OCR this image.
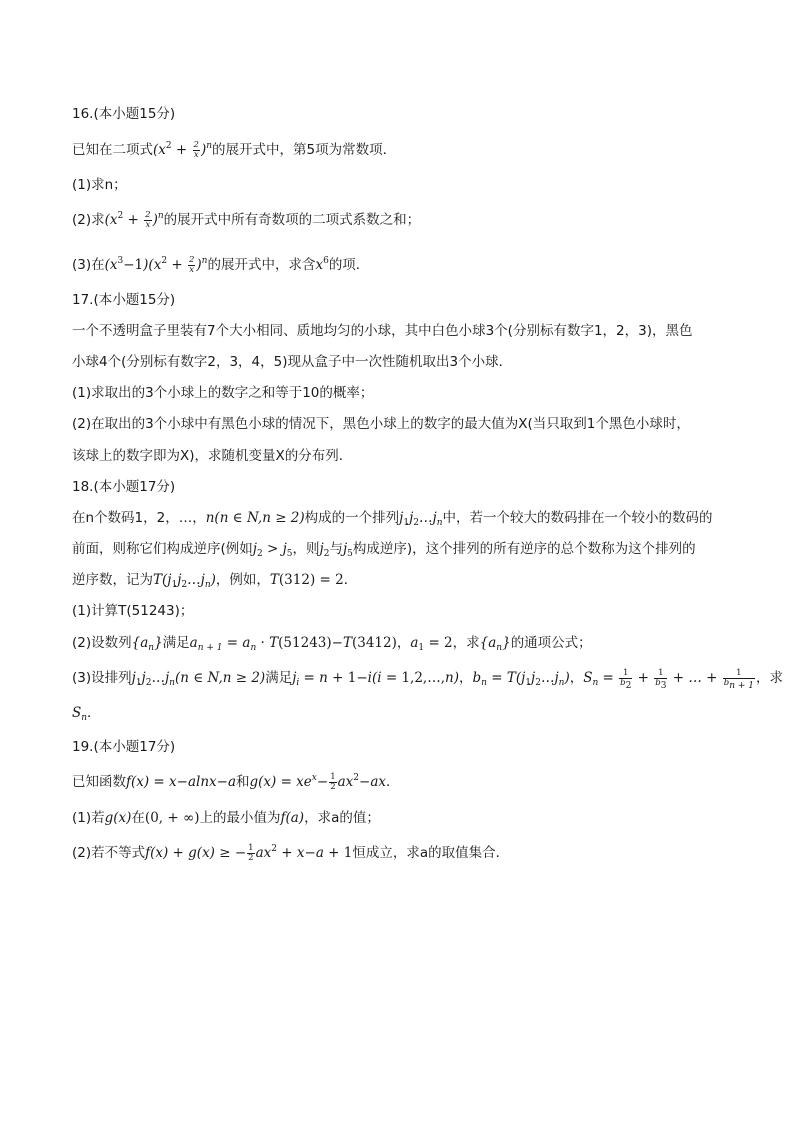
16.(本小题15分)
已知在二项式$(x^2 + \frac{2}{x} )^n$的展开式中，第5项为常数项．
(1)求n；
(2)求$(x^2 + \frac{2}{x} )^n$的展开式中所有奇数项的二项式系数之和；
(3)在$(x^3-1)(x^2 + \frac{2}{x} )^n$的展开式中，求含$x^6$的项．
17.(本小题15分)
一个不透明盒子里装有7个大小相同、质地均匀的小球，其中白色小球3个(分别标有数字1，2，3)，黑色
小球4个(分别标有数字2，3，4，5)现从盒子中一次性随机取出3个小球．
(1)求取出的3个小球上的数字之和等于10的概率；
(2)在取出的3个小球中有黑色小球的情况下，黑色小球上的数字的最大值为X(当只取到1个黑色小球时，
该球上的数字即为X)，求随机变量X的分布列．
18.(本小题17分)
在n个数码1，2，…，n(n ∈ N,n ≥ 2)构成的一个排列$j_1j_2\dots j_n$中，若一个较大的数码排在一个较小的数码的
前面，则称它们构成逆序(例如$j_2 > j_5$，则$j_2$与$j_5$构成逆序)，这个排列的所有逆序的总个数称为这个排列的
逆序数，记为$T(j_1j_2\dots j_n)$，例如，T(312) = 2．
(1)计算T(51243)；
(2)设数列$\{a_n\}$满足$a_{n + 1} = a_n \cdot T(51243)-T(3412)$，$a_1 = 2$，求$\{a_n\}$的通项公式；
(3)设排列$j_1j_2\dots j_n(n$ ∈ N,n ≥ 2)满足$j_i = n + 1-i(i$ = 1,2,…,n)，$b_n$ = $T(j_1j_2\dots j_n)$，$S_n = \frac{1}{b_2} + \frac{1}{b_3}$ + … + $\frac{1}{b_{n + 1}}$ ，求
$S_n$．
19.(本小题17分)
已知函数f(x) = x−alnx−a和$g(x) = xe^x- \frac{1}{2} ax^2-ax$．
(1)若g(x)在(0, + ∞)上的最小值为f(a)，求a的值；
(2)若不等式f(x) + g(x) ≥ − $\frac{1}{2} ax^2 + x-a + 1$恒成立，求a的取值集合．
